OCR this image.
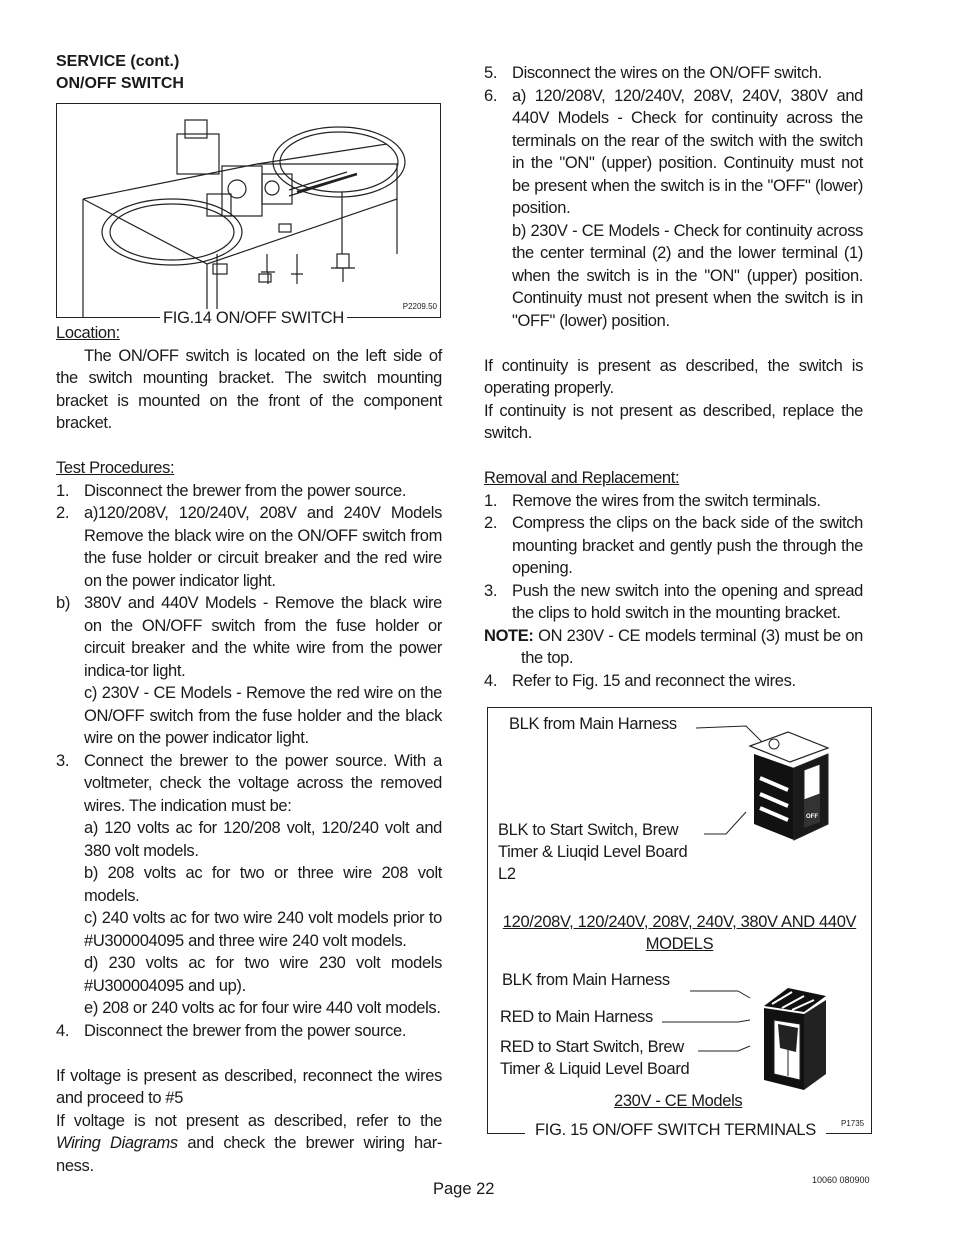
SERVICE (cont.)
ON/OFF SWITCH
P2209.50
FIG.14 ON/OFF SWITCH
Location:
The ON/OFF switch is located on the left side of the switch mounting bracket. The switch mounting bracket is mounted on the front of the component bracket.
Test Procedures:
1. Disconnect the brewer from the power source.
2. a)120/208V, 120/240V, 208V and 240V Models Remove the black wire on the ON/OFF switch from the fuse holder or circuit breaker and the red wire on the power indicator light.
b) 380V and 440V Models - Remove the black wire on the ON/OFF switch from the fuse holder or circuit breaker and the white wire from the power indica-tor light.
c) 230V - CE Models - Remove the red wire on the ON/OFF switch from the fuse holder and the black wire on the power indicator light.
3. Connect the brewer to the power source. With a voltmeter, check the voltage across the removed wires. The indication must be:
a) 120 volts ac for 120/208 volt, 120/240 volt and 380 volt models.
b) 208 volts ac for two or three wire 208 volt models.
c) 240 volts ac for two wire 240 volt models prior to #U300004095 and three wire 240 volt models.
d) 230 volts ac for two wire 230 volt models #U300004095 and up).
e) 208 or 240 volts ac for four wire 440 volt models.
4. Disconnect the brewer from the power source.
If voltage is present as described, reconnect the wires and proceed to #5
If voltage is not present as described, refer to the Wiring Diagrams and check the brewer wiring har-ness.
5. Disconnect the wires on the ON/OFF switch.
6. a) 120/208V, 120/240V, 208V, 240V, 380V and 440V Models - Check for continuity across the terminals on the rear of the switch with the switch in the "ON" (upper) position. Continuity must not be present when the switch is in the "OFF" (lower) position.
b) 230V - CE Models - Check for continuity across the center terminal (2) and the lower terminal (1) when the switch is in the "ON" (upper) position. Continuity must not present when the switch is in "OFF" (lower) position.
If continuity is present as described, the switch is operating properly.
If continuity is not present as described, replace the switch.
Removal and Replacement:
1. Remove the wires from the switch terminals.
2. Compress the clips on the back side of the switch mounting bracket and gently push the through the opening.
3. Push the new switch into the opening and spread the clips to hold switch in the mounting bracket.
NOTE: ON 230V - CE models terminal (3) must be on the top.
4. Refer to Fig. 15 and reconnect the wires.
BLK from Main Harness
BLK to Start Switch, Brew
Timer & Liuqid Level Board
L2
120/208V, 120/240V, 208V, 240V, 380V AND 440V
MODELS
BLK from Main Harness
RED to Main Harness
RED to Start Switch, Brew
Timer & Liquid Level Board
230V - CE Models
P1735
ON
OFF
FIG. 15 ON/OFF SWITCH TERMINALS
Page 22	10060 080900
